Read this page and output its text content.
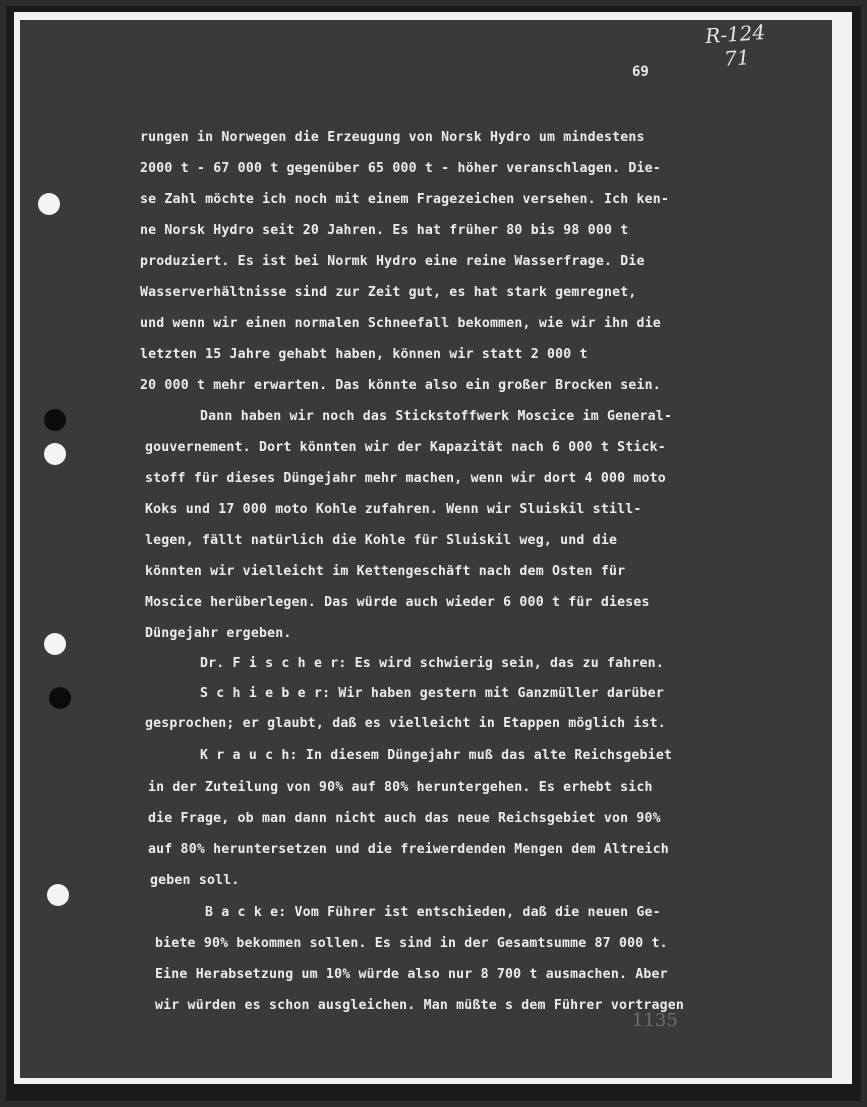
R-124
71
69
rungen in Norwegen die Erzeugung von Norsk Hydro um mindestens
2000 t - 67 000 t gegenüber 65 000 t - höher veranschlagen. Die-
se Zahl möchte ich noch mit einem Fragezeichen versehen. Ich ken-
ne Norsk Hydro seit 20 Jahren. Es hat früher 80 bis 98 000 t
produziert. Es ist bei Normk Hydro eine reine Wasserfrage. Die
Wasserverhältnisse sind zur Zeit gut, es hat stark gemregnet,
und wenn wir einen normalen Schneefall bekommen, wie wir ihn die
letzten 15 Jahre gehabt haben, können wir statt 2 000 t
20 000 t mehr erwarten. Das könnte also ein großer Brocken sein.
Dann haben wir noch das Stickstoffwerk Moscice im General-
gouvernement. Dort könnten wir der Kapazität nach 6 000 t Stick-
stoff für dieses Düngejahr mehr machen, wenn wir dort 4 000 moto
Koks und 17 000 moto Kohle zufahren. Wenn wir Sluiskil still-
legen, fällt natürlich die Kohle für Sluiskil weg, und die
könnten wir vielleicht im Kettengeschäft nach dem Osten für
Moscice herüberlegen. Das würde auch wieder 6 000 t für dieses
Düngejahr ergeben.
Dr. F i s c h e r: Es wird schwierig sein, das zu fahren.
S c h i e b e r: Wir haben gestern mit Ganzmüller darüber
gesprochen; er glaubt, daß es vielleicht in Etappen möglich ist.
K r a u c h: In diesem Düngejahr muß das alte Reichsgebiet
in der Zuteilung von 90% auf 80% heruntergehen. Es erhebt sich
die Frage, ob man dann nicht auch das neue Reichsgebiet von 90%
auf 80% heruntersetzen und die freiwerdenden Mengen dem Altreich
geben soll.
B a c k e: Vom Führer ist entschieden, daß die neuen Ge-
biete 90% bekommen sollen. Es sind in der Gesamtsumme 87 000 t.
Eine Herabsetzung um 10% würde also nur 8 700 t ausmachen. Aber
wir würden es schon ausgleichen. Man müßte s dem Führer vortragen
1135
